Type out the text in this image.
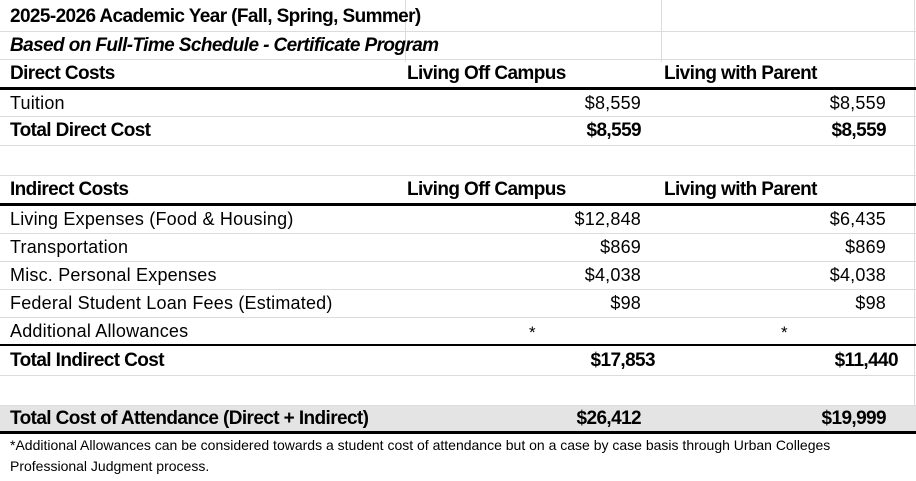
2025-2026 Academic Year (Fall, Spring, Summer)
Based on Full-Time Schedule - Certificate Program
Direct Costs	Living Off Campus	Living with Parent
Tuition	$8,559	$8,559
Total Direct Cost	$8,559	$8,559
Indirect Costs	Living Off Campus	Living with Parent
Living Expenses (Food & Housing)	$12,848	$6,435
Transportation	$869	$869
Misc. Personal Expenses	$4,038	$4,038
Federal Student Loan Fees (Estimated)	$98	$98
Additional Allowances	*	*
Total Indirect Cost	$17,853	$11,440
Total Cost of Attendance (Direct + Indirect)	$26,412	$19,999
*Additional Allowances can be considered towards a student cost of attendance but on a case by case basis through Urban Colleges Professional Judgment process.
